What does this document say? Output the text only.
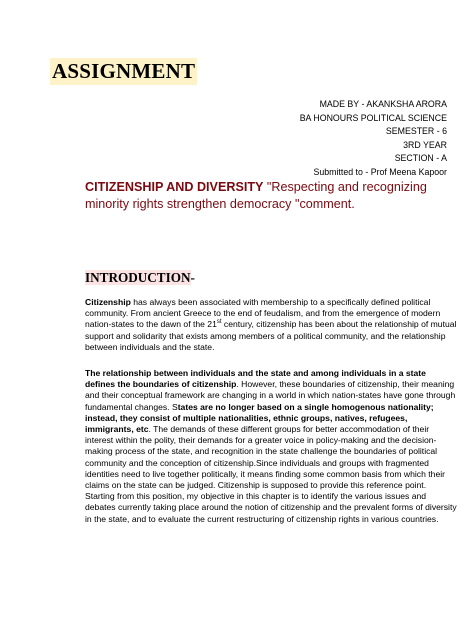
ASSIGNMENT
MADE BY - AKANKSHA ARORA
BA HONOURS POLITICAL SCIENCE
SEMESTER - 6
3RD YEAR
SECTION - A
Submitted to - Prof Meena Kapoor
CITIZENSHIP AND DIVERSITY "Respecting and recognizing minority rights strengthen democracy "comment.
INTRODUCTION-
Citizenship has always been associated with membership to a specifically defined political community. From ancient Greece to the end of feudalism, and from the emergence of modern nation-states to the dawn of the 21st century, citizenship has been about the relationship of mutual support and solidarity that exists among members of a political community, and the relationship between individuals and the state.
The relationship between individuals and the state and among individuals in a state defines the boundaries of citizenship. However, these boundaries of citizenship, their meaning and their conceptual framework are changing in a world in which nation-states have gone through fundamental changes. States are no longer based on a single homogenous nationality; instead, they consist of multiple nationalities, ethnic groups, natives, refugees, immigrants, etc. The demands of these different groups for better accommodation of their interest within the polity, their demands for a greater voice in policy-making and the decision-making process of the state, and recognition in the state challenge the boundaries of political community and the conception of citizenship.Since individuals and groups with fragmented identities need to live together politically, it means finding some common basis from which their claims on the state can be judged. Citizenship is supposed to provide this reference point. Starting from this position, my objective in this chapter is to identify the various issues and debates currently taking place around the notion of citizenship and the prevalent forms of diversity in the state, and to evaluate the current restructuring of citizenship rights in various countries.
